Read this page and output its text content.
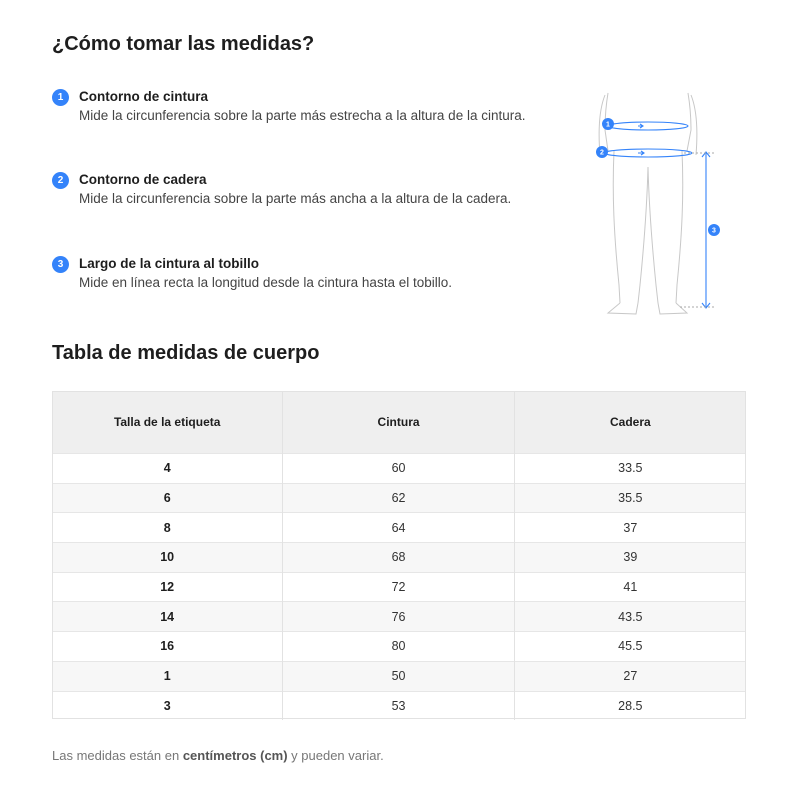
¿Cómo tomar las medidas?
1	Contorno de cintura
Mide la circunferencia sobre la parte más estrecha a la altura de la cintura.
2	Contorno de cadera
Mide la circunferencia sobre la parte más ancha a la altura de la cadera.
3	Largo de la cintura al tobillo
Mide en línea recta la longitud desde la cintura hasta el tobillo.
1
2
3
Tabla de medidas de cuerpo
Talla de la etiqueta	Cintura	Cadera
4	60	33.5
6	62	35.5
8	64	37
10	68	39
12	72	41
14	76	43.5
16	80	45.5
1	50	27
3	53	28.5
Las medidas están en centímetros (cm) y pueden variar.
